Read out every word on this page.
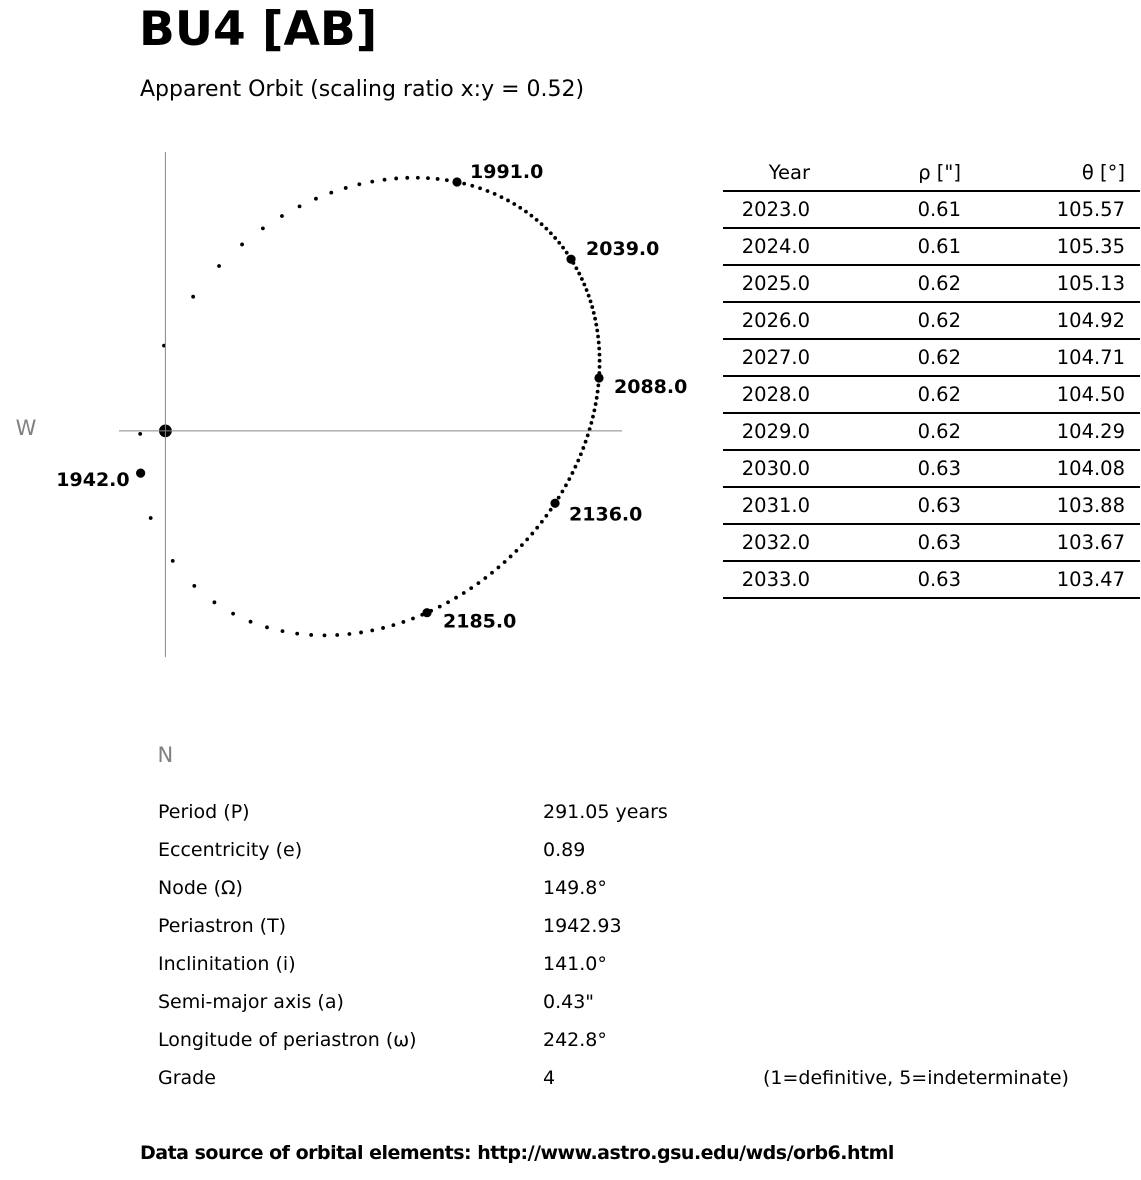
BU4 [AB]
Apparent Orbit (scaling ratio x:y = 0.52)
1942.0
1991.0
2039.0
2088.0
2136.0
2185.0
W
N
Year	ρ ["]	θ [°]
2023.0	0.61	105.57
2024.0	0.61	105.35
2025.0	0.62	105.13
2026.0	0.62	104.92
2027.0	0.62	104.71
2028.0	0.62	104.50
2029.0	0.62	104.29
2030.0	0.63	104.08
2031.0	0.63	103.88
2032.0	0.63	103.67
2033.0	0.63	103.47
Period (P)	291.05 years
Eccentricity (e)	0.89
Node (Ω)	149.8°
Periastron (T)	1942.93
Inclinitation (i)	141.0°
Semi-major axis (a)	0.43"
Longitude of periastron (ω)	242.8°
Grade	4	(1=definitive, 5=indeterminate)
Data source of orbital elements: http://www.astro.gsu.edu/wds/orb6.html
